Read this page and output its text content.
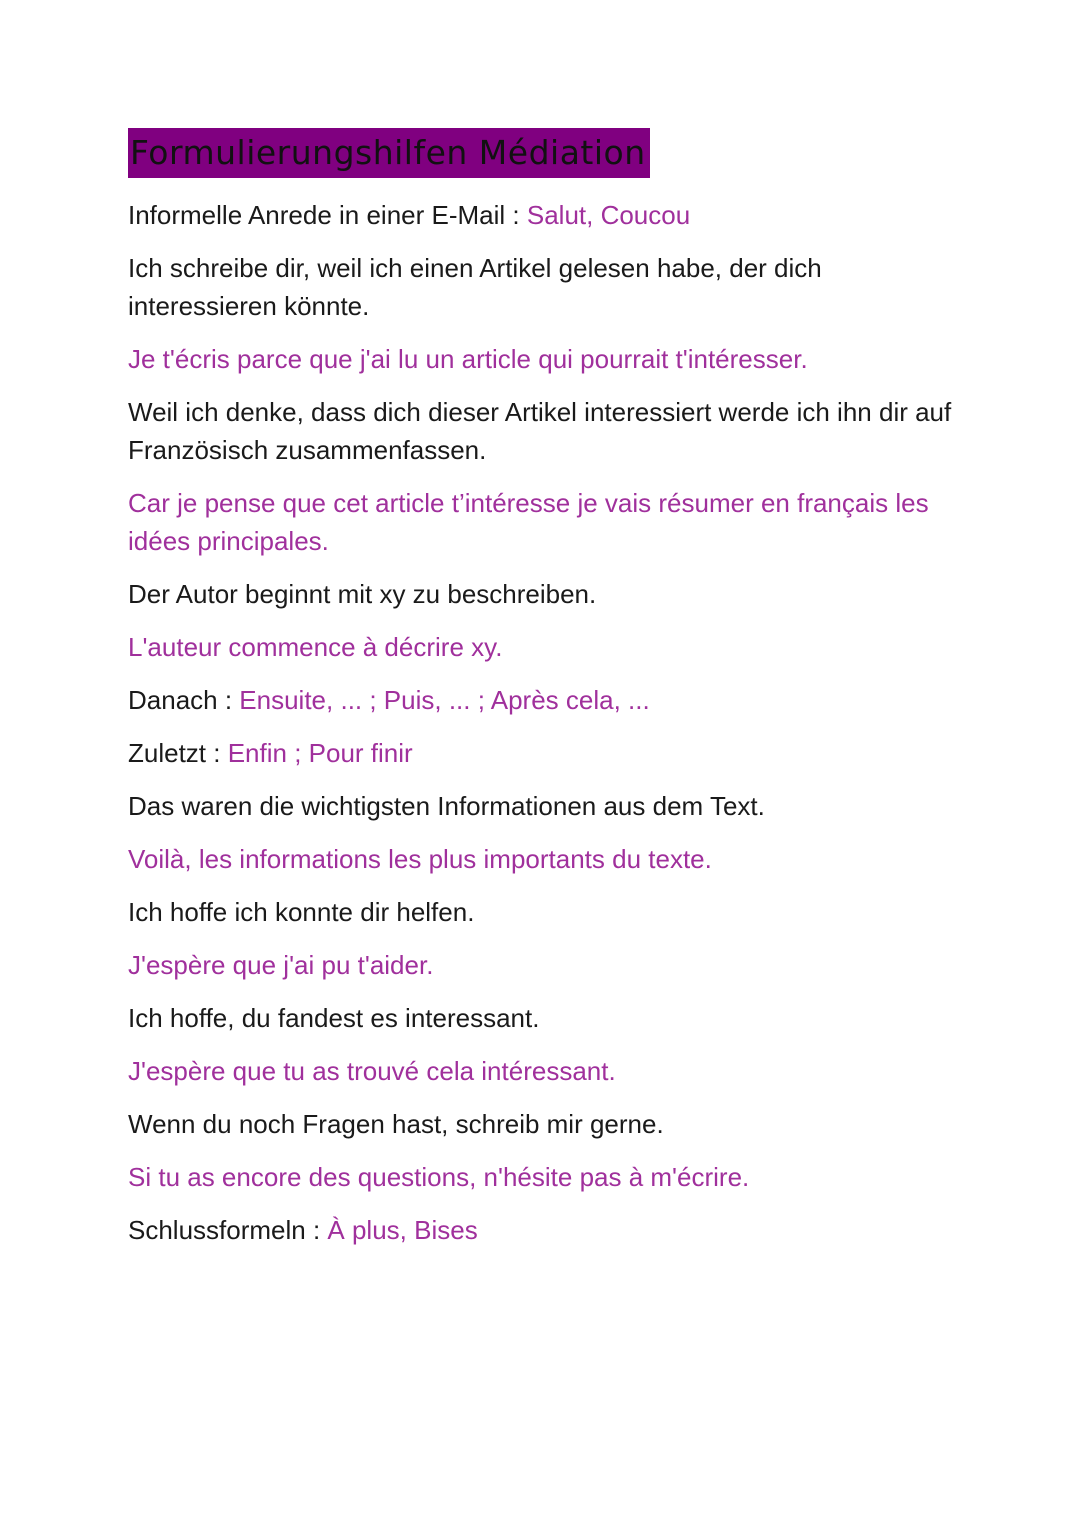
Formulierungshilfen Médiation
Informelle Anrede in einer E-Mail : Salut, Coucou
Ich schreibe dir, weil ich einen Artikel gelesen habe, der dich interessieren könnte.
Je t'écris parce que j'ai lu un article qui pourrait t'intéresser.
Weil ich denke, dass dich dieser Artikel interessiert werde ich ihn dir auf Französisch zusammenfassen.
Car je pense que cet article t’intéresse je vais résumer en français les idées principales.
Der Autor beginnt mit xy zu beschreiben.
L'auteur commence à décrire xy.
Danach : Ensuite, ... ; Puis, ... ; Après cela, ...
Zuletzt : Enfin ; Pour finir
Das waren die wichtigsten Informationen aus dem Text.
Voilà, les informations les plus importants du texte.
Ich hoffe ich konnte dir helfen.
J'espère que j'ai pu t'aider.
Ich hoffe, du fandest es interessant.
J'espère que tu as trouvé cela intéressant.
Wenn du noch Fragen hast, schreib mir gerne.
Si tu as encore des questions, n'hésite pas à m'écrire.
Schlussformeln : À plus, Bises
